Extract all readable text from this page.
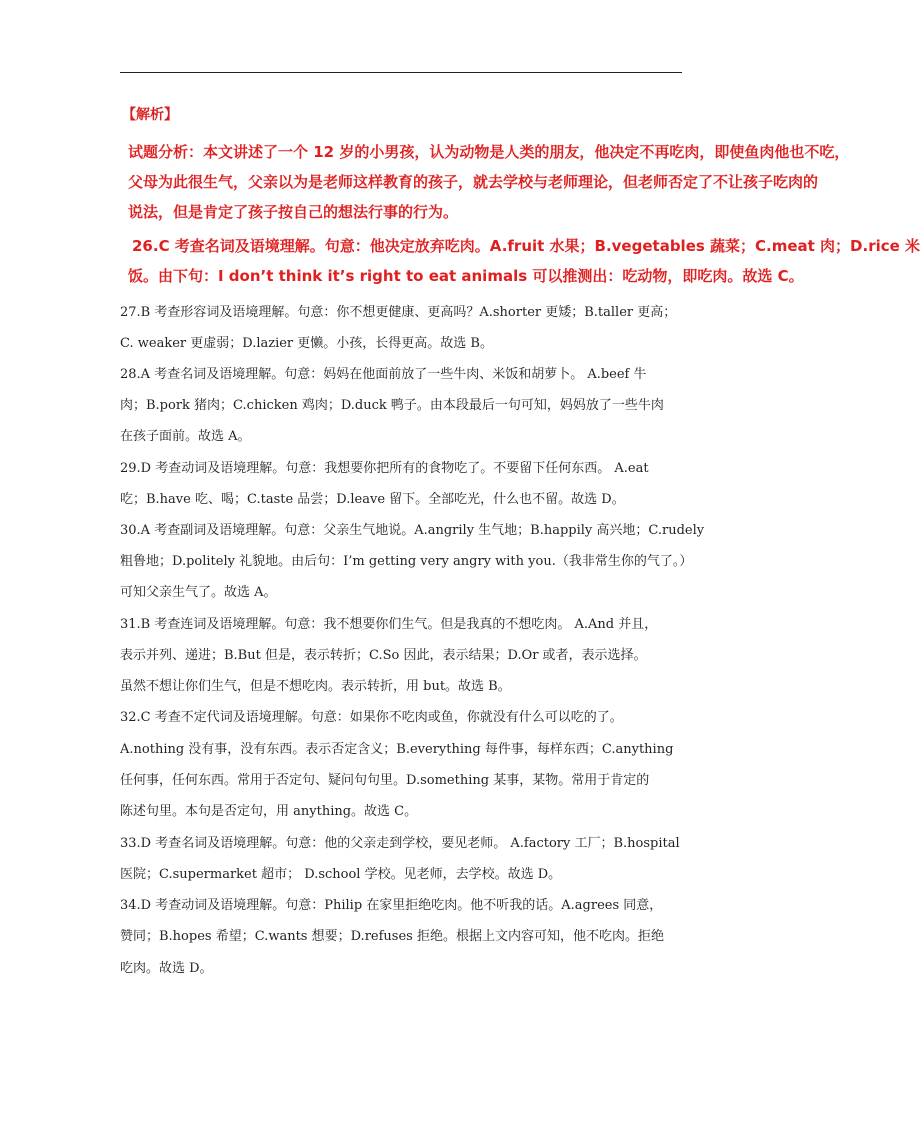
【解析】
试题分析：本文讲述了一个 12 岁的小男孩，认为动物是人类的朋友，他决定不再吃肉，即使鱼肉他也不吃，
父母为此很生气，父亲以为是老师这样教育的孩子，就去学校与老师理论，但老师否定了不让孩子吃肉的
说法，但是肯定了孩子按自己的想法行事的行为。
26.C 考查名词及语境理解。句意：他决定放弃吃肉。A.fruit 水果；B.vegetables 蔬菜；C.meat 肉；D.rice 米
饭。由下句：I don’t think it’s right to eat animals 可以推测出：吃动物，即吃肉。故选 C。
27.B 考查形容词及语境理解。句意：你不想更健康、更高吗？A.shorter 更矮；B.taller 更高；
C. weaker 更虚弱；D.lazier 更懒。小孩，长得更高。故选 B。
28.A 考查名词及语境理解。句意：妈妈在他面前放了一些牛肉、米饭和胡萝卜。 A.beef 牛
肉；B.pork 猪肉；C.chicken 鸡肉；D.duck 鸭子。由本段最后一句可知，妈妈放了一些牛肉
在孩子面前。故选 A。
29.D 考查动词及语境理解。句意：我想要你把所有的食物吃了。不要留下任何东西。 A.eat
吃；B.have 吃、喝；C.taste 品尝；D.leave 留下。全部吃光，什么也不留。故选 D。
30.A 考查副词及语境理解。句意：父亲生气地说。A.angrily 生气地；B.happily 高兴地；C.rudely
粗鲁地；D.politely 礼貌地。由后句：I’m getting very angry with you.（我非常生你的气了。）
可知父亲生气了。故选 A。
31.B 考查连词及语境理解。句意：我不想要你们生气。但是我真的不想吃肉。 A.And 并且，
表示并列、递进；B.But 但是，表示转折；C.So 因此，表示结果；D.Or 或者，表示选择。
虽然不想让你们生气，但是不想吃肉。表示转折，用 but。故选 B。
32.C 考查不定代词及语境理解。句意：如果你不吃肉或鱼，你就没有什么可以吃的了。
A.nothing 没有事，没有东西。表示否定含义；B.everything 每件事，每样东西；C.anything
任何事，任何东西。常用于否定句、疑问句句里。D.something 某事，某物。常用于肯定的
陈述句里。本句是否定句，用 anything。故选 C。
33.D 考查名词及语境理解。句意：他的父亲走到学校，要见老师。 A.factory 工厂；B.hospital
医院；C.supermarket 超市； D.school 学校。见老师，去学校。故选 D。
34.D 考查动词及语境理解。句意：Philip 在家里拒绝吃肉。他不听我的话。A.agrees 同意，
赞同；B.hopes 希望；C.wants 想要；D.refuses 拒绝。根据上文内容可知，他不吃肉。拒绝
吃肉。故选 D。
